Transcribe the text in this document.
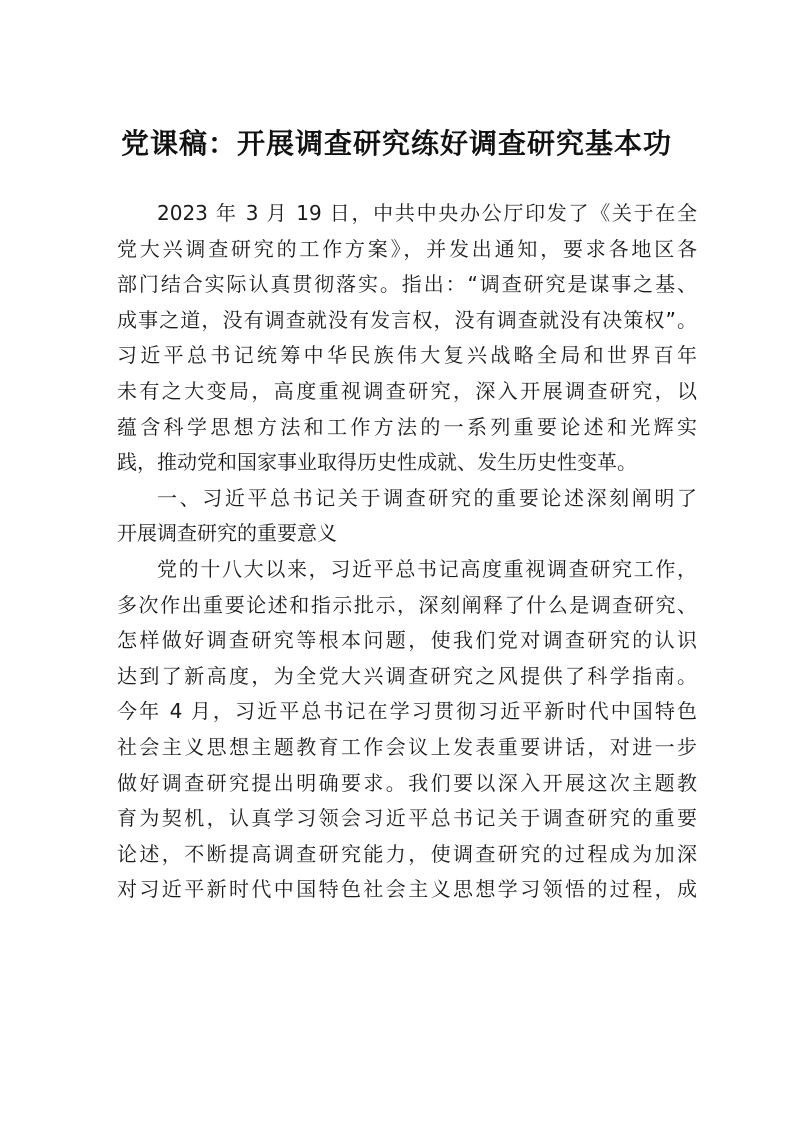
党课稿：开展调查研究练好调查研究基本功
2023 年 3 月 19 日，中共中央办公厅印发了《关于在全
党大兴调查研究的工作方案》，并发出通知，要求各地区各
部门结合实际认真贯彻落实。指出：“调查研究是谋事之基、
成事之道，没有调查就没有发言权，没有调查就没有决策权”。
习近平总书记统筹中华民族伟大复兴战略全局和世界百年
未有之大变局，高度重视调查研究，深入开展调查研究，以
蕴含科学思想方法和工作方法的一系列重要论述和光辉实
践，推动党和国家事业取得历史性成就、发生历史性变革。
一、习近平总书记关于调查研究的重要论述深刻阐明了
开展调查研究的重要意义
党的十八大以来，习近平总书记高度重视调查研究工作，
多次作出重要论述和指示批示，深刻阐释了什么是调查研究、
怎样做好调查研究等根本问题，使我们党对调查研究的认识
达到了新高度，为全党大兴调查研究之风提供了科学指南。
今年 4 月，习近平总书记在学习贯彻习近平新时代中国特色
社会主义思想主题教育工作会议上发表重要讲话，对进一步
做好调查研究提出明确要求。我们要以深入开展这次主题教
育为契机，认真学习领会习近平总书记关于调查研究的重要
论述，不断提高调查研究能力，使调查研究的过程成为加深
对习近平新时代中国特色社会主义思想学习领悟的过程，成
